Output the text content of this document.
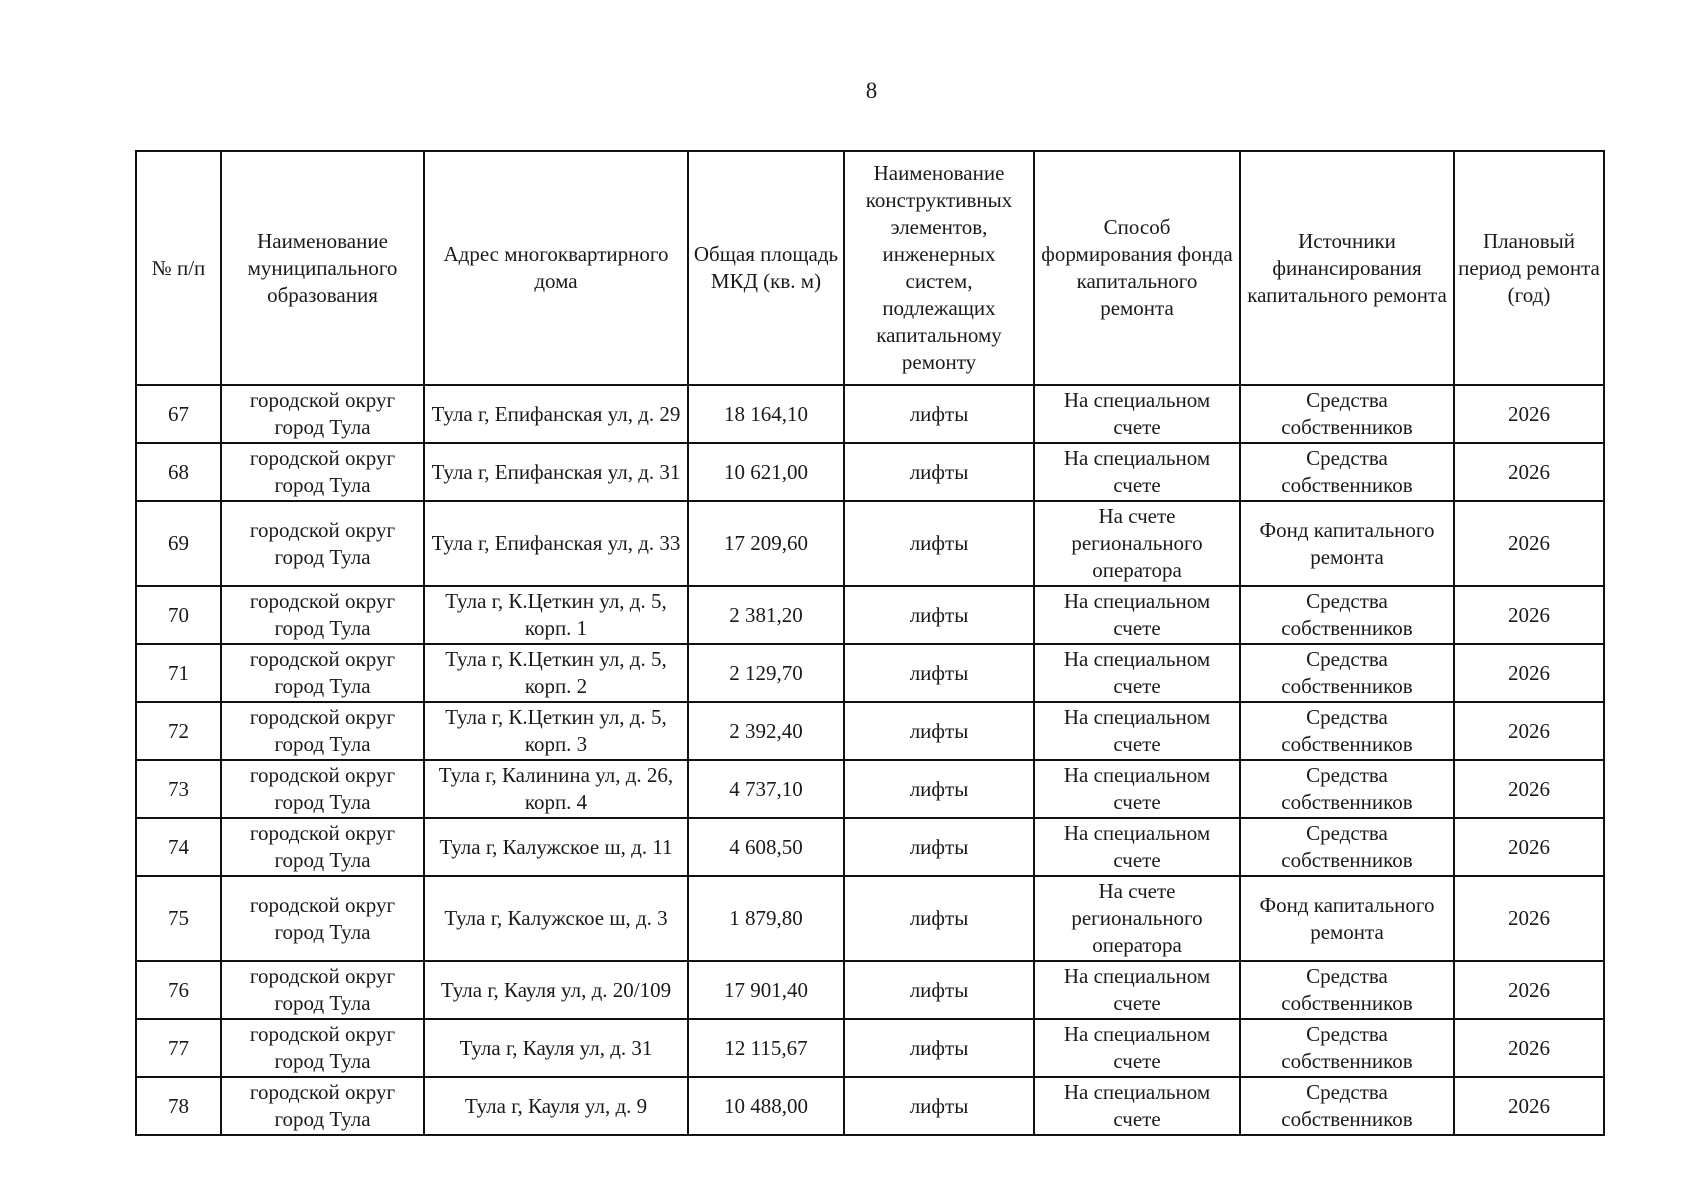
8
№ п/п	Наименование муниципального образования	Адрес многоквартирного дома	Общая площадь МКД (кв. м)	Наименование конструктивных элементов, инженерных систем, подлежащих капитальному ремонту	Способ формирования фонда капитального ремонта	Источники финансирования капитального ремонта	Плановый период ремонта (год)
67	городской округ город Тула	Тула г, Епифанская ул, д. 29	18 164,10	лифты	На специальном счете	Средства собственников	2026
68	городской округ город Тула	Тула г, Епифанская ул, д. 31	10 621,00	лифты	На специальном счете	Средства собственников	2026
69	городской округ город Тула	Тула г, Епифанская ул, д. 33	17 209,60	лифты	На счете регионального оператора	Фонд капитального ремонта	2026
70	городской округ город Тула	Тула г, К.Цеткин ул, д. 5, корп. 1	2 381,20	лифты	На специальном счете	Средства собственников	2026
71	городской округ город Тула	Тула г, К.Цеткин ул, д. 5, корп. 2	2 129,70	лифты	На специальном счете	Средства собственников	2026
72	городской округ город Тула	Тула г, К.Цеткин ул, д. 5, корп. 3	2 392,40	лифты	На специальном счете	Средства собственников	2026
73	городской округ город Тула	Тула г, Калинина ул, д. 26, корп. 4	4 737,10	лифты	На специальном счете	Средства собственников	2026
74	городской округ город Тула	Тула г, Калужское ш, д. 11	4 608,50	лифты	На специальном счете	Средства собственников	2026
75	городской округ город Тула	Тула г, Калужское ш, д. 3	1 879,80	лифты	На счете регионального оператора	Фонд капитального ремонта	2026
76	городской округ город Тула	Тула г, Кауля ул, д. 20/109	17 901,40	лифты	На специальном счете	Средства собственников	2026
77	городской округ город Тула	Тула г, Кауля ул, д. 31	12 115,67	лифты	На специальном счете	Средства собственников	2026
78	городской округ город Тула	Тула г, Кауля ул, д. 9	10 488,00	лифты	На специальном счете	Средства собственников	2026
